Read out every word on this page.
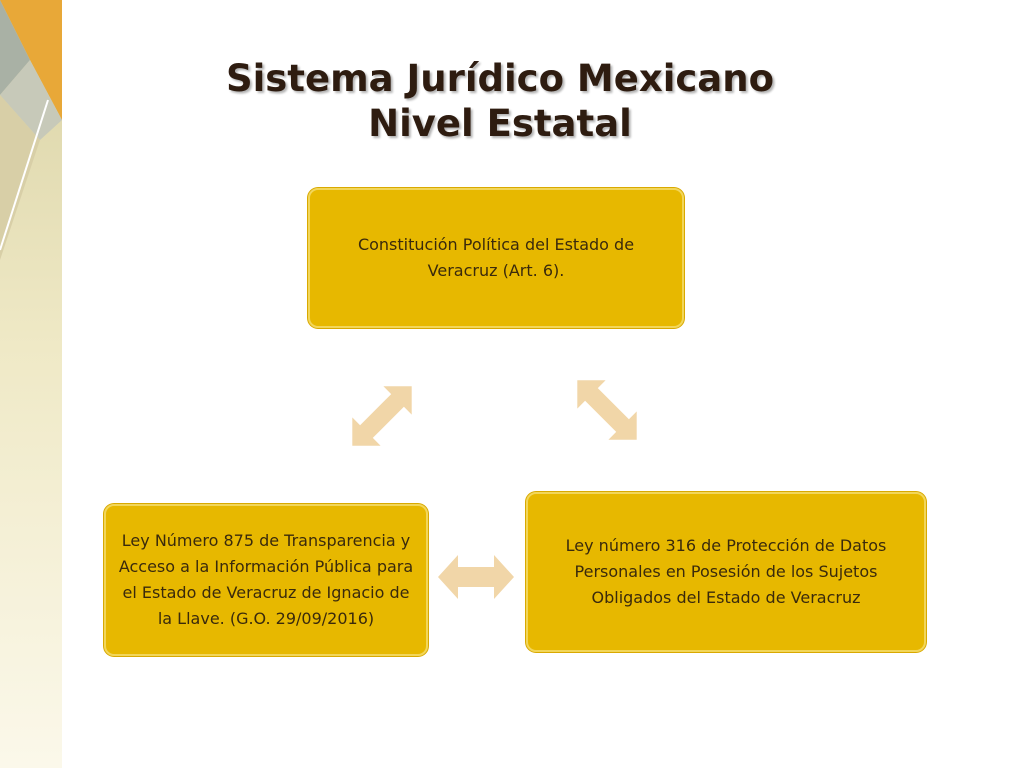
Sistema Jurídico Mexicano
Nivel Estatal
Constitución Política del Estado de Veracruz (Art. 6).
Ley Número 875 de Transparencia y Acceso a la Información Pública para el Estado de Veracruz de Ignacio de la Llave. (G.O. 29/09/2016)
Ley número 316 de Protección de Datos Personales en Posesión de los Sujetos Obligados del Estado de Veracruz
